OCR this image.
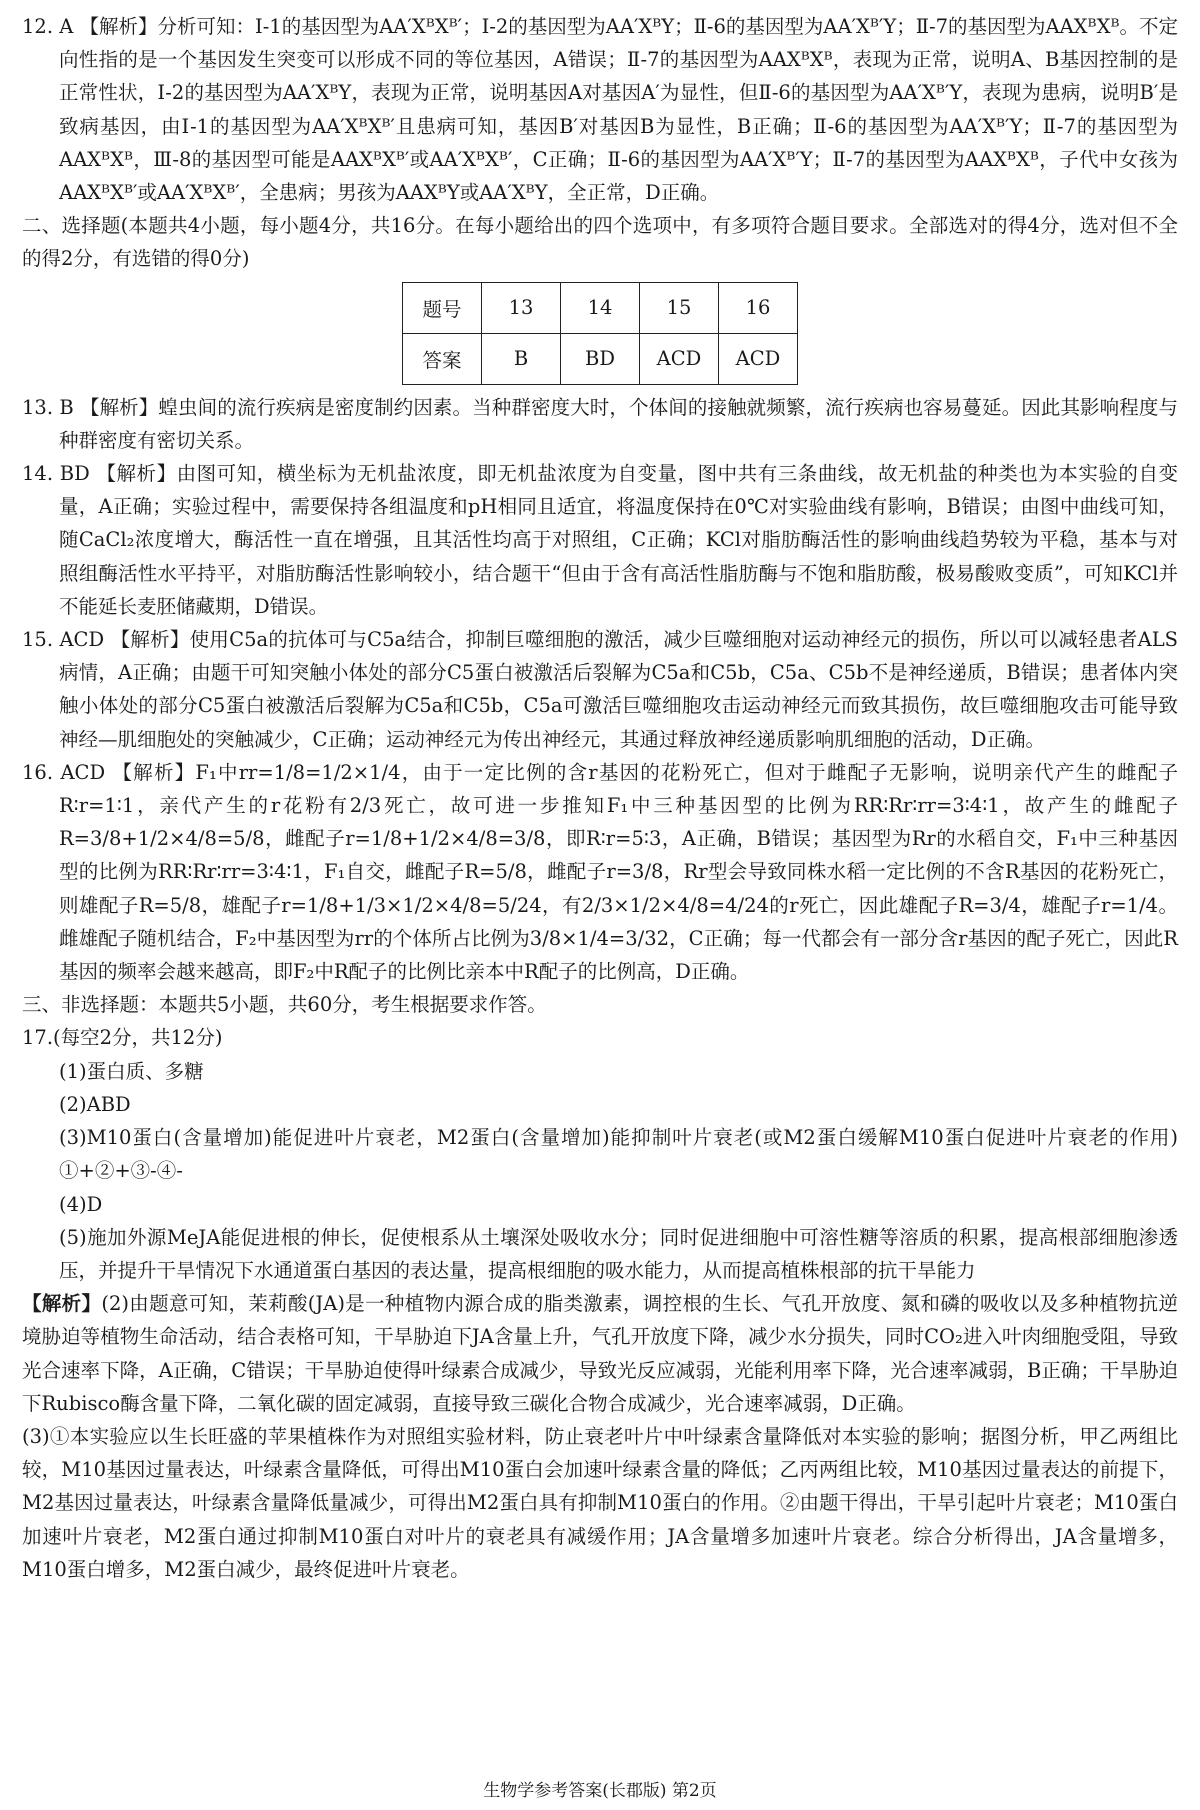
12. A 【解析】分析可知：Ⅰ-1的基因型为AA′XᴮXᴮ′；Ⅰ-2的基因型为AA′XᴮY；Ⅱ-6的基因型为AA′Xᴮ′Y；Ⅱ-7的基因型为AAXᴮXᴮ。不定向性指的是一个基因发生突变可以形成不同的等位基因，A错误；Ⅱ-7的基因型为AAXᴮXᴮ，表现为正常，说明A、B基因控制的是正常性状，Ⅰ-2的基因型为AA′XᴮY，表现为正常，说明基因A对基因A′为显性，但Ⅱ-6的基因型为AA′Xᴮ′Y，表现为患病，说明B′是致病基因，由Ⅰ-1的基因型为AA′XᴮXᴮ′且患病可知，基因B′对基因B为显性，B正确；Ⅱ-6的基因型为AA′Xᴮ′Y；Ⅱ-7的基因型为AAXᴮXᴮ，Ⅲ-8的基因型可能是AAXᴮXᴮ′或AA′XᴮXᴮ′，C正确；Ⅱ-6的基因型为AA′Xᴮ′Y；Ⅱ-7的基因型为AAXᴮXᴮ，子代中女孩为AAXᴮXᴮ′或AA′XᴮXᴮ′，全患病；男孩为AAXᴮY或AA′XᴮY，全正常，D正确。

二、选择题(本题共4小题，每小题4分，共16分。在每小题给出的四个选项中，有多项符合题目要求。全部选对的得4分，选对但不全的得2分，有选错的得0分)

题号	13	14	15	16
答案	B	BD	ACD	ACD

13. B 【解析】蝗虫间的流行疾病是密度制约因素。当种群密度大时，个体间的接触就频繁，流行疾病也容易蔓延。因此其影响程度与种群密度有密切关系。

14. BD 【解析】由图可知，横坐标为无机盐浓度，即无机盐浓度为自变量，图中共有三条曲线，故无机盐的种类也为本实验的自变量，A正确；实验过程中，需要保持各组温度和pH相同且适宜，将温度保持在0℃对实验曲线有影响，B错误；由图中曲线可知，随CaCl₂浓度增大，酶活性一直在增强，且其活性均高于对照组，C正确；KCl对脂肪酶活性的影响曲线趋势较为平稳，基本与对照组酶活性水平持平，对脂肪酶活性影响较小，结合题干“但由于含有高活性脂肪酶与不饱和脂肪酸，极易酸败变质”，可知KCl并不能延长麦胚储藏期，D错误。

15. ACD 【解析】使用C5a的抗体可与C5a结合，抑制巨噬细胞的激活，减少巨噬细胞对运动神经元的损伤，所以可以减轻患者ALS病情，A正确；由题干可知突触小体处的部分C5蛋白被激活后裂解为C5a和C5b，C5a、C5b不是神经递质，B错误；患者体内突触小体处的部分C5蛋白被激活后裂解为C5a和C5b，C5a可激活巨噬细胞攻击运动神经元而致其损伤，故巨噬细胞攻击可能导致神经—肌细胞处的突触减少，C正确；运动神经元为传出神经元，其通过释放神经递质影响肌细胞的活动，D正确。

16. ACD 【解析】F₁中rr=1/8=1/2×1/4，由于一定比例的含r基因的花粉死亡，但对于雌配子无影响，说明亲代产生的雌配子R∶r=1∶1，亲代产生的r花粉有2/3死亡，故可进一步推知F₁中三种基因型的比例为RR∶Rr∶rr=3∶4∶1，故产生的雌配子R=3/8+1/2×4/8=5/8，雌配子r=1/8+1/2×4/8=3/8，即R∶r=5∶3，A正确，B错误；基因型为Rr的水稻自交，F₁中三种基因型的比例为RR∶Rr∶rr=3∶4∶1，F₁自交，雌配子R=5/8，雌配子r=3/8，Rr型会导致同株水稻一定比例的不含R基因的花粉死亡，则雄配子R=5/8，雄配子r=1/8+1/3×1/2×4/8=5/24，有2/3×1/2×4/8=4/24的r死亡，因此雄配子R=3/4，雄配子r=1/4。雌雄配子随机结合，F₂中基因型为rr的个体所占比例为3/8×1/4=3/32，C正确；每一代都会有一部分含r基因的配子死亡，因此R基因的频率会越来越高，即F₂中R配子的比例比亲本中R配子的比例高，D正确。

三、非选择题：本题共5小题，共60分，考生根据要求作答。

17.(每空2分，共12分)

(1)蛋白质、多糖

(2)ABD

(3)M10蛋白(含量增加)能促进叶片衰老，M2蛋白(含量增加)能抑制叶片衰老(或M2蛋白缓解M10蛋白促进叶片衰老的作用) ①+②+③-④-

(4)D

(5)施加外源MeJA能促进根的伸长，促使根系从土壤深处吸收水分；同时促进细胞中可溶性糖等溶质的积累，提高根部细胞渗透压，并提升干旱情况下水通道蛋白基因的表达量，提高根细胞的吸水能力，从而提高植株根部的抗干旱能力

【解析】(2)由题意可知，茉莉酸(JA)是一种植物内源合成的脂类激素，调控根的生长、气孔开放度、氮和磷的吸收以及多种植物抗逆境胁迫等植物生命活动，结合表格可知，干旱胁迫下JA含量上升，气孔开放度下降，减少水分损失，同时CO₂进入叶肉细胞受阻，导致光合速率下降，A正确，C错误；干旱胁迫使得叶绿素合成减少，导致光反应减弱，光能利用率下降，光合速率减弱，B正确；干旱胁迫下Rubisco酶含量下降，二氧化碳的固定减弱，直接导致三碳化合物合成减少，光合速率减弱，D正确。

(3)①本实验应以生长旺盛的苹果植株作为对照组实验材料，防止衰老叶片中叶绿素含量降低对本实验的影响；据图分析，甲乙两组比较，M10基因过量表达，叶绿素含量降低，可得出M10蛋白会加速叶绿素含量的降低；乙丙两组比较，M10基因过量表达的前提下，M2基因过量表达，叶绿素含量降低量减少，可得出M2蛋白具有抑制M10蛋白的作用。②由题干得出，干旱引起叶片衰老；M10蛋白加速叶片衰老，M2蛋白通过抑制M10蛋白对叶片的衰老具有减缓作用；JA含量增多加速叶片衰老。综合分析得出，JA含量增多，M10蛋白增多，M2蛋白减少，最终促进叶片衰老。

生物学参考答案(长郡版) 第2页
